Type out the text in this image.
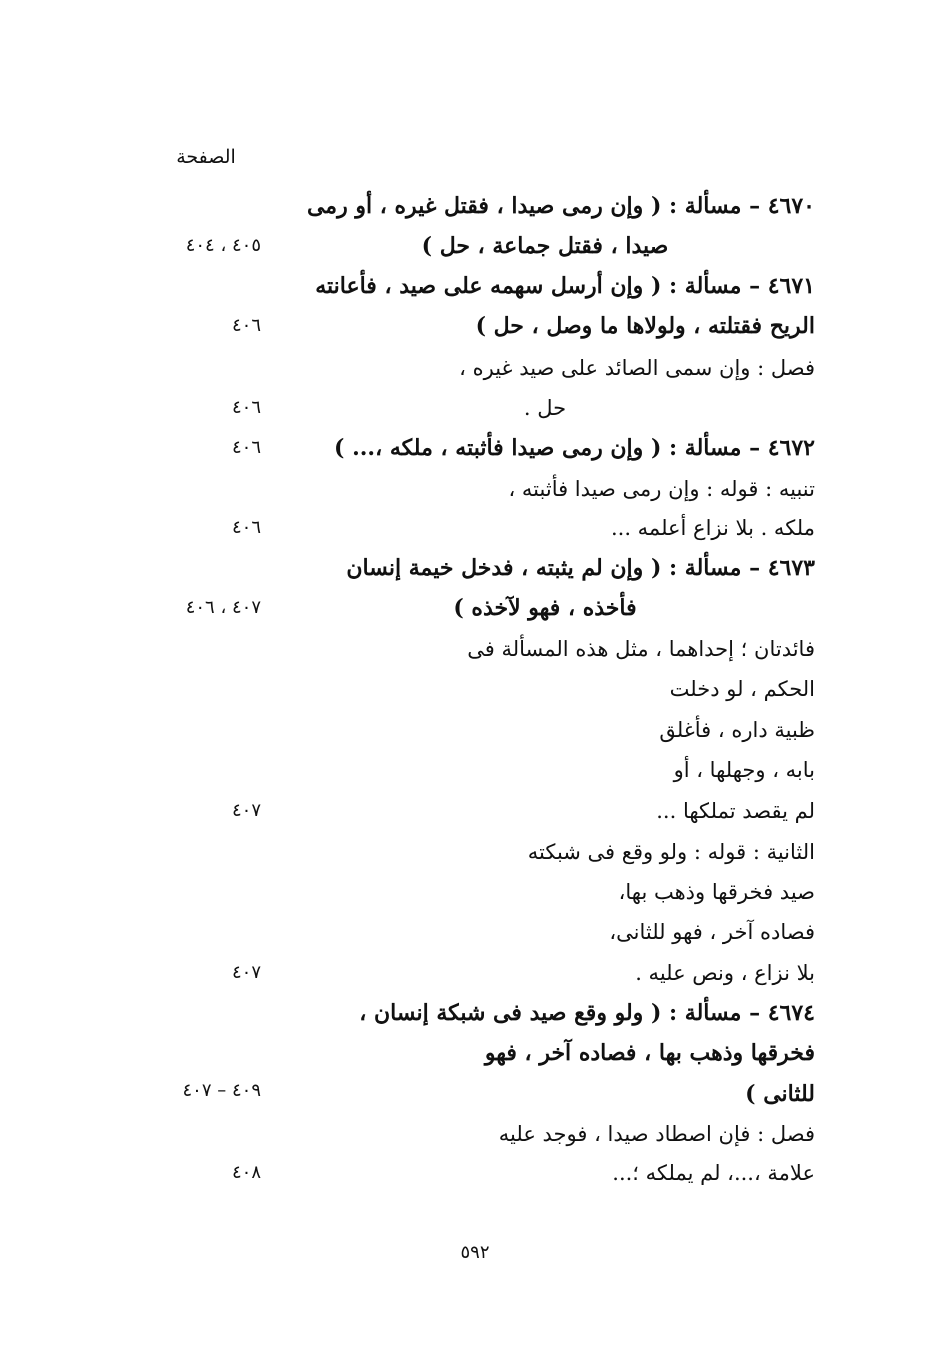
الصفحة
٤٦٧٠ – مسألة : ( وإن رمى صيدا ، فقتل غيره ، أو رمى
صيدا ، فقتل جماعة ، حل )
٤٠٥ ، ٤٠٤
٤٦٧١ – مسألة : ( وإن أرسل سهمه على صيد ، فأعانته
الريح فقتلته ، ولولاها ما وصل ، حل )
٤٠٦
فصل : وإن سمى الصائد على صيد غيره ،
حل .
٤٠٦
٤٦٧٢ – مسألة : ( وإن رمى صيدا فأثبته ، ملكه ،... )
٤٠٦
تنبيه : قوله : وإن رمى صيدا فأثبته ،
ملكه . بلا نزاع أعلمه ...
٤٠٦
٤٦٧٣ – مسألة : ( وإن لم يثبته ، فدخل خيمة إنسان
فأخذه ، فهو لآخذه )
٤٠٧ ، ٤٠٦
فائدتان ؛ إحداهما ، مثل هذه المسألة فى
الحكم ، لو دخلت
ظبية داره ، فأغلق
بابه ، وجهلها ، أو
لم يقصد تملكها ...
٤٠٧
الثانية : قوله : ولو وقع فى شبكته
صيد فخرقها وذهب بها،
فصاده آخر ، فهو للثانى،
بلا نزاع ، ونص عليه .
٤٠٧
٤٦٧٤ – مسألة : ( ولو وقع صيد فى شبكة إنسان ،
فخرقها وذهب بها ، فصاده آخر ، فهو
للثانى )
٤٠٩ – ٤٠٧
فصل : فإن اصطاد صيدا ، فوجد عليه
علامة ،...، لم يملكه ؛...
٤٠٨
٥٩٢
